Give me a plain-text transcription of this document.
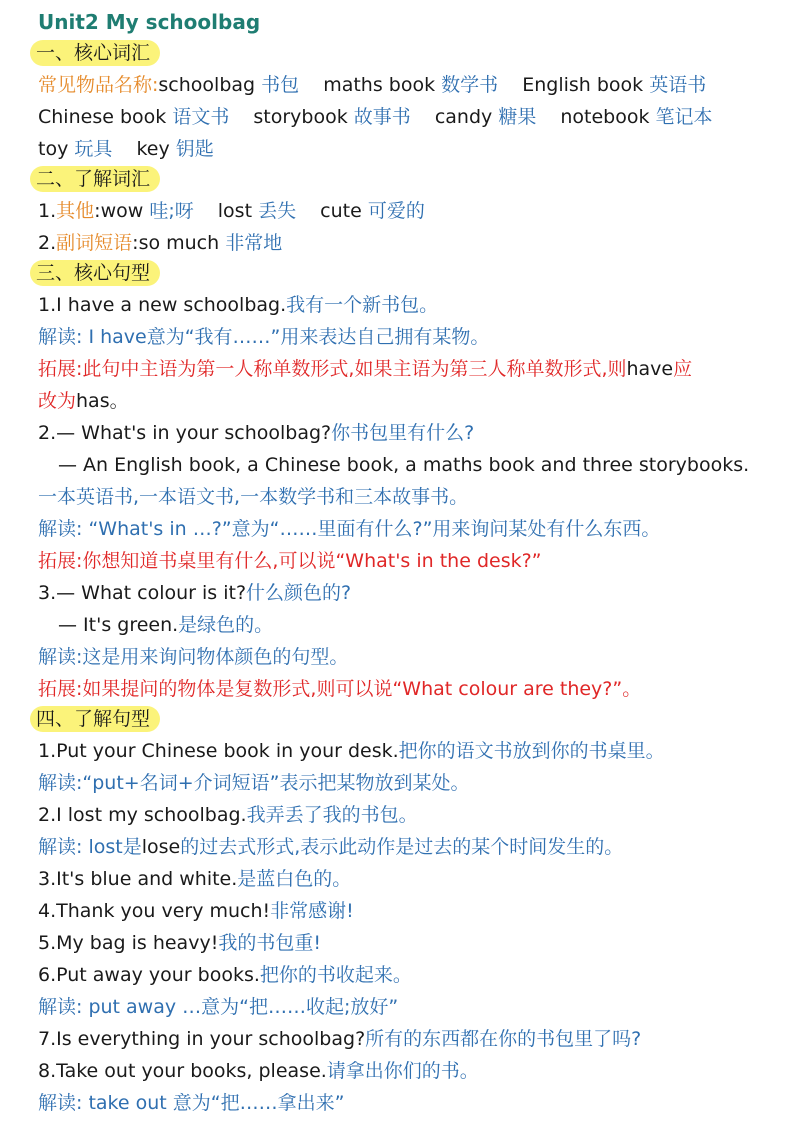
Unit2 My schoolbag
一、核心词汇
常见物品名称:schoolbag 书包 maths book 数学书 English book 英语书
Chinese book 语文书 storybook 故事书 candy 糖果 notebook 笔记本
toy 玩具 key 钥匙
二、了解词汇
1.其他:wow 哇;呀 lost 丢失 cute 可爱的
2.副词短语:so much 非常地
三、核心句型
1.I have a new schoolbag.我有一个新书包。
解读: I have意为“我有……”用来表达自己拥有某物。
拓展:此句中主语为第一人称单数形式,如果主语为第三人称单数形式,则have应
改为has。
2.— What's in your schoolbag?你书包里有什么?
— An English book, a Chinese book, a maths book and three storybooks.
一本英语书,一本语文书,一本数学书和三本故事书。
解读: “What's in …?”意为“……里面有什么?”用来询问某处有什么东西。
拓展:你想知道书桌里有什么,可以说“What's in the desk?”
3.— What colour is it?什么颜色的?
— It's green.是绿色的。
解读:这是用来询问物体颜色的句型。
拓展:如果提问的物体是复数形式,则可以说“What colour are they?”。
四、了解句型
1.Put your Chinese book in your desk.把你的语文书放到你的书桌里。
解读:“put+名词+介词短语”表示把某物放到某处。
2.I lost my schoolbag.我弄丢了我的书包。
解读: lost是lose的过去式形式,表示此动作是过去的某个时间发生的。
3.It's blue and white.是蓝白色的。
4.Thank you very much!非常感谢!
5.My bag is heavy!我的书包重!
6.Put away your books.把你的书收起来。
解读: put away …意为“把……收起;放好”
7.Is everything in your schoolbag?所有的东西都在你的书包里了吗?
8.Take out your books, please.请拿出你们的书。
解读: take out 意为“把……拿出来”
